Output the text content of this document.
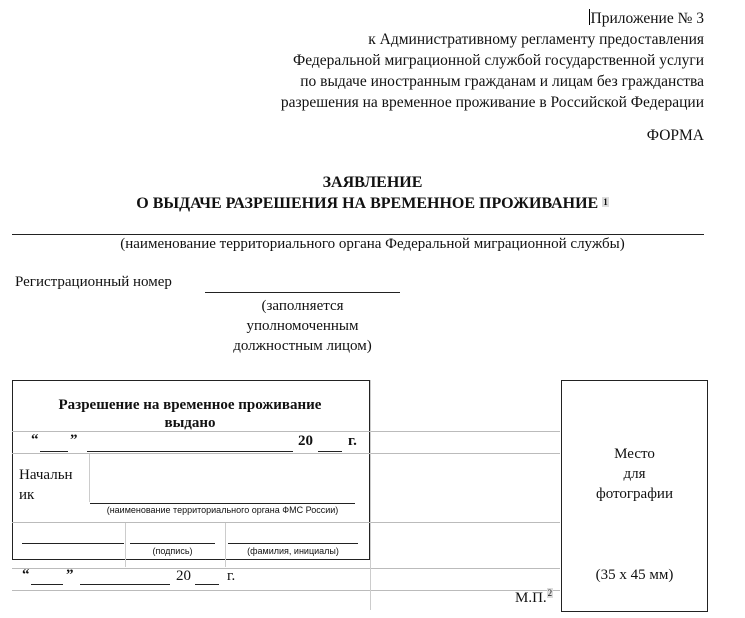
Приложение № 3
к Административному регламенту предоставления
Федеральной миграционной службой государственной услуги
по выдаче иностранным гражданам и лицам без гражданства
разрешения на временное проживание в Российской Федерации
ФОРМА
ЗАЯВЛЕНИЕ
О ВЫДАЧЕ РАЗРЕШЕНИЯ НА ВРЕМЕННОЕ ПРОЖИВАНИЕ $^1$
(наименование территориального органа Федеральной миграционной службы)
Регистрационный номер
(заполняется
уполномоченным
должностным лицом)
Разрешение на временное проживание
выдано
“ ”	20 г.
Начальн
ик
(наименование территориального органа ФМС России)
(подпись)	(фамилия, инициалы)
“ ”	20 г.
М.П.$^2$
Место
для
фотографии
(35 х 45 мм)
